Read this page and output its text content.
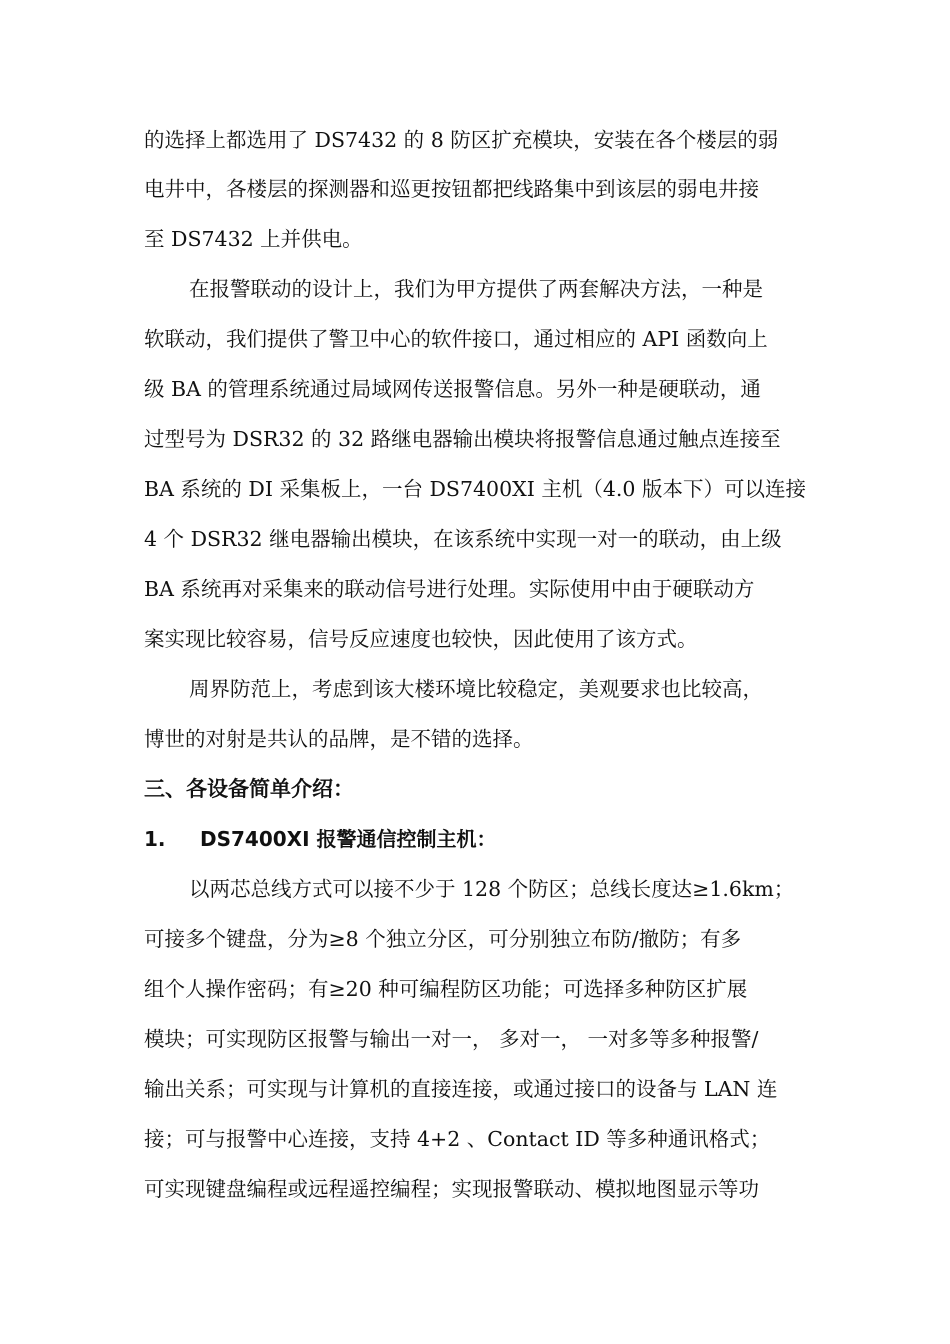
的选择上都选用了 DS7432 的 8 防区扩充模块，安装在各个楼层的弱
电井中，各楼层的探测器和巡更按钮都把线路集中到该层的弱电井接
至 DS7432 上并供电。
在报警联动的设计上，我们为甲方提供了两套解决方法，一种是
软联动，我们提供了警卫中心的软件接口，通过相应的 API 函数向上
级 BA 的管理系统通过局域网传送报警信息。另外一种是硬联动，通
过型号为 DSR32 的 32 路继电器输出模块将报警信息通过触点连接至
BA 系统的 DI 采集板上，一台 DS7400XI 主机（4.0 版本下）可以连接
4 个 DSR32 继电器输出模块，在该系统中实现一对一的联动，由上级
BA 系统再对采集来的联动信号进行处理。实际使用中由于硬联动方
案实现比较容易，信号反应速度也较快，因此使用了该方式。
周界防范上，考虑到该大楼环境比较稳定，美观要求也比较高，
博世的对射是共认的品牌，是不错的选择。
三、各设备简单介绍：
1. DS7400XI 报警通信控制主机：
以两芯总线方式可以接不少于 128 个防区；总线长度达≥1.6km；
可接多个键盘，分为≥8 个独立分区，可分别独立布防/撤防；有多
组个人操作密码；有≥20 种可编程防区功能；可选择多种防区扩展
模块；可实现防区报警与输出一对一， 多对一， 一对多等多种报警/
输出关系；可实现与计算机的直接连接，或通过接口的设备与 LAN 连
接；可与报警中心连接，支持 4+2 、Contact ID 等多种通讯格式；
可实现键盘编程或远程遥控编程；实现报警联动、模拟地图显示等功
